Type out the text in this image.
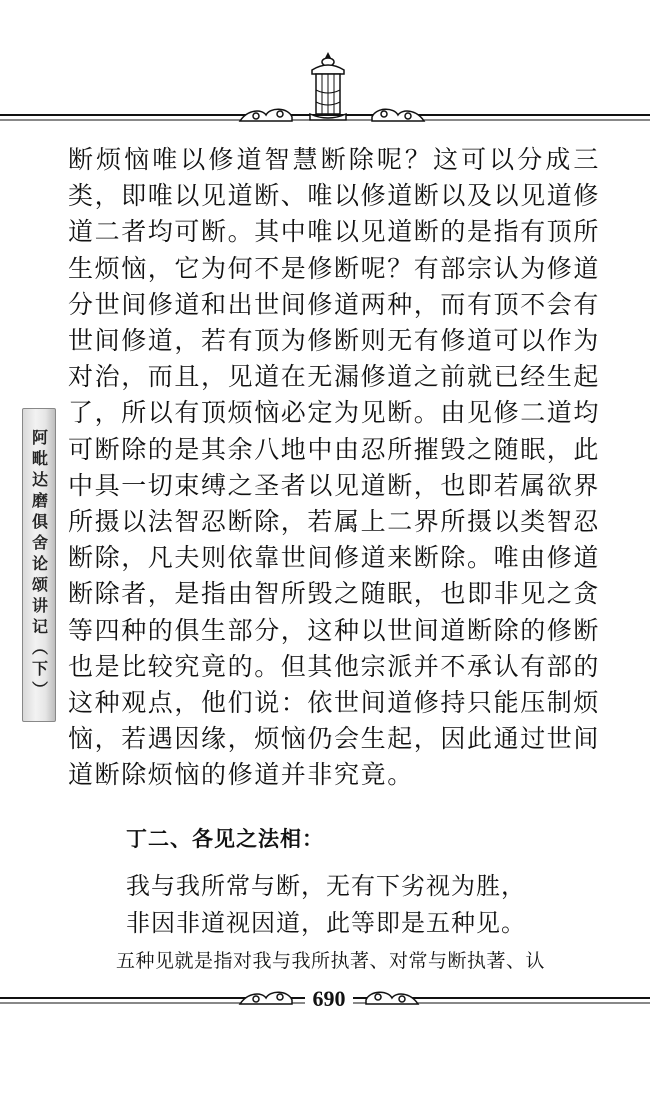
阿毗达磨俱舍论颂讲记（下）

断烦恼唯以修道智慧断除呢？这可以分成三类，即唯以见道断、唯以修道断以及以见道修道二者均可断。其中唯以见道断的是指有顶所生烦恼，它为何不是修断呢？有部宗认为修道分世间修道和出世间修道两种，而有顶不会有世间修道，若有顶为修断则无有修道可以作为对治，而且，见道在无漏修道之前就已经生起了，所以有顶烦恼必定为见断。由见修二道均可断除的是其余八地中由忍所摧毁之随眠，此中具一切束缚之圣者以见道断，也即若属欲界所摄以法智忍断除，若属上二界所摄以类智忍断除，凡夫则依靠世间修道来断除。唯由修道断除者，是指由智所毁之随眠，也即非见之贪等四种的俱生部分，这种以世间道断除的修断也是比较究竟的。但其他宗派并不承认有部的这种观点，他们说：依世间道修持只能压制烦恼，若遇因缘，烦恼仍会生起，因此通过世间道断除烦恼的修道并非究竟。

丁二、各见之法相：
我与我所常与断，无有下劣视为胜，
非因非道视因道，此等即是五种见。
五种见就是指对我与我所执著、对常与断执著、认
690
